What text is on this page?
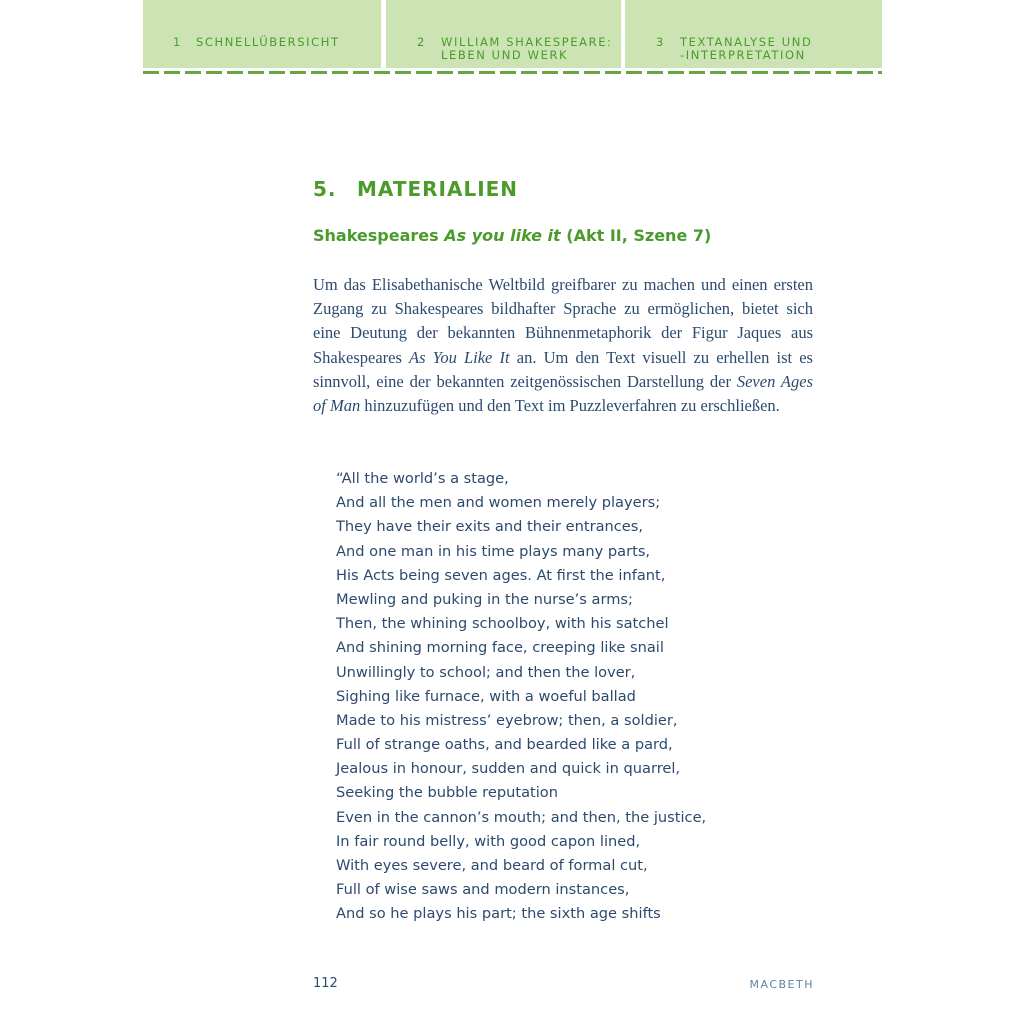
1 SCHNELLÜBERSICHT	2 WILLIAM SHAKESPEARE:
LEBEN UND WERK
3 TEXTANALYSE UND
-INTERPRETATION
5. MATERIALIEN
Shakespeares As you like it (Akt II, Szene 7)

Um das Elisabethanische Weltbild greifbarer zu machen und einen ersten Zugang zu Shakespeares bildhafter Sprache zu ermöglichen, bietet sich eine Deutung der bekannten Bühnenmetaphorik der Figur Jaques aus Shakespeares As You Like It an. Um den Text visuell zu erhellen ist es sinnvoll, eine der bekannten zeitgenössischen Darstellung der Seven Ages of Man hinzuzufügen und den Text im Puzzleverfahren zu erschließen.

“All the world’s a stage,
And all the men and women merely players;
They have their exits and their entrances,
And one man in his time plays many parts,
His Acts being seven ages. At first the infant,
Mewling and puking in the nurse’s arms;
Then, the whining schoolboy, with his satchel
And shining morning face, creeping like snail
Unwillingly to school; and then the lover,
Sighing like furnace, with a woeful ballad
Made to his mistress’ eyebrow; then, a soldier,
Full of strange oaths, and bearded like a pard,
Jealous in honour, sudden and quick in quarrel,
Seeking the bubble reputation
Even in the cannon’s mouth; and then, the justice,
In fair round belly, with good capon lined,
With eyes severe, and beard of formal cut,
Full of wise saws and modern instances,
And so he plays his part; the sixth age shifts
112	MACBETH
